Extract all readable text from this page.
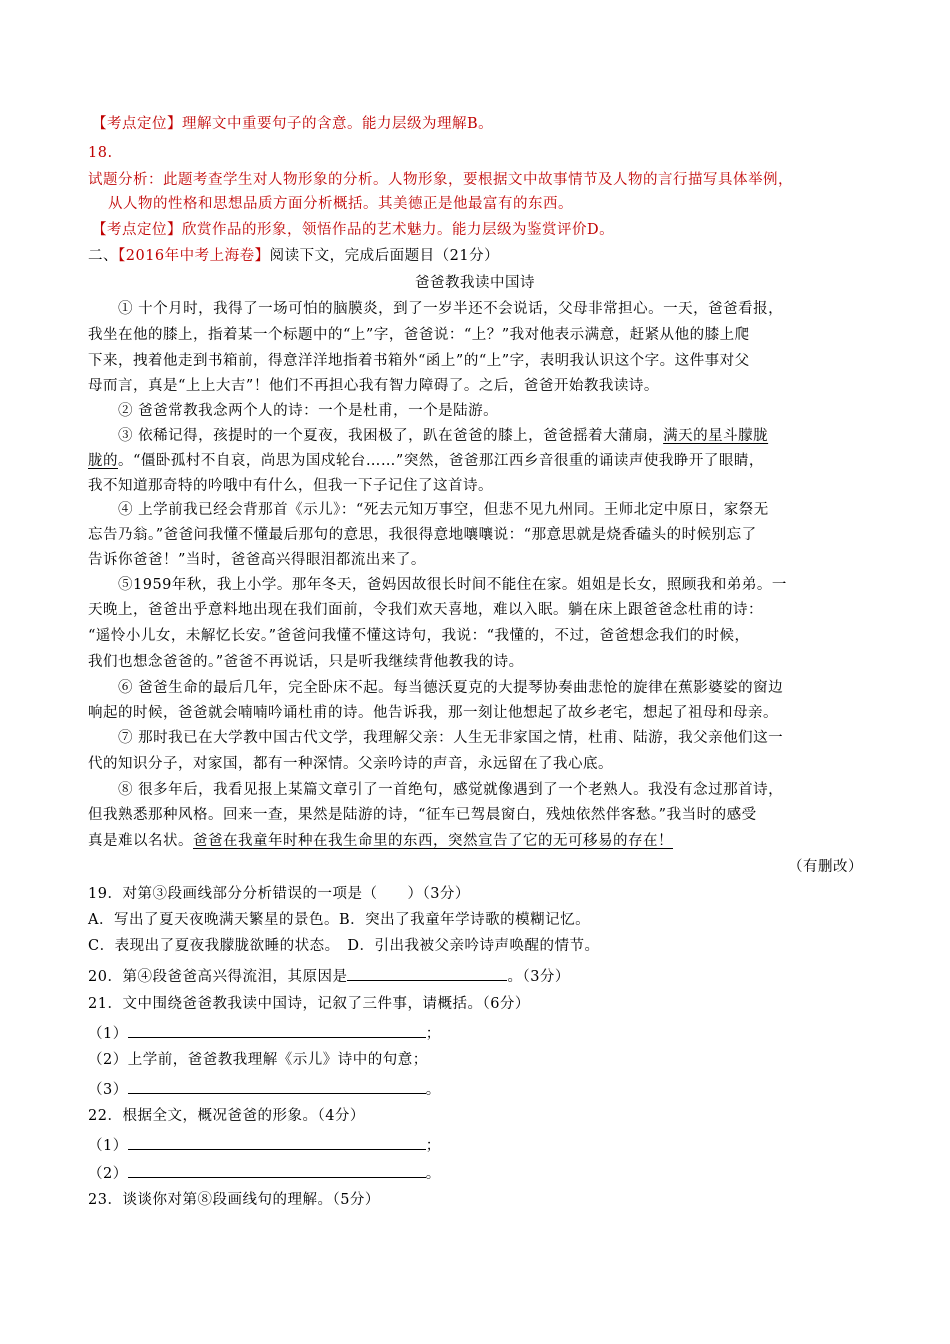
【考点定位】理解文中重要句子的含意。能力层级为理解B。
18.
试题分析：此题考查学生对人物形象的分析。人物形象，要根据文中故事情节及人物的言行描写具体举例，
从人物的性格和思想品质方面分析概括。其美德正是他最富有的东西。
【考点定位】欣赏作品的形象，领悟作品的艺术魅力。能力层级为鉴赏评价D。
二、【2016年中考上海卷】阅读下文，完成后面题目（21分）
爸爸教我读中国诗
① 十个月时，我得了一场可怕的脑膜炎，到了一岁半还不会说话，父母非常担心。一天，爸爸看报，
我坐在他的膝上，指着某一个标题中的“上”字，爸爸说：“上？”我对他表示满意，赶紧从他的膝上爬
下来，拽着他走到书箱前，得意洋洋地指着书箱外“函上”的“上”字，表明我认识这个字。这件事对父
母而言，真是“上上大吉”！他们不再担心我有智力障碍了。之后，爸爸开始教我读诗。
② 爸爸常教我念两个人的诗：一个是杜甫，一个是陆游。
③ 依稀记得，孩提时的一个夏夜，我困极了，趴在爸爸的膝上，爸爸摇着大蒲扇，满天的星斗朦胧
胧的。“僵卧孤村不自哀，尚思为国戍轮台……”突然，爸爸那江西乡音很重的诵读声使我睁开了眼睛，
我不知道那奇特的吟哦中有什么，但我一下子记住了这首诗。
④ 上学前我已经会背那首《示儿》：“死去元知万事空，但悲不见九州同。王师北定中原日，家祭无
忘告乃翁。”爸爸问我懂不懂最后那句的意思，我很得意地嚷嚷说：“那意思就是烧香磕头的时候别忘了
告诉你爸爸！”当时，爸爸高兴得眼泪都流出来了。
⑤1959年秋，我上小学。那年冬天，爸妈因故很长时间不能住在家。姐姐是长女，照顾我和弟弟。一
天晚上，爸爸出乎意料地出现在我们面前，令我们欢天喜地，难以入眠。躺在床上跟爸爸念杜甫的诗：
“遥怜小儿女，未解忆长安。”爸爸问我懂不懂这诗句，我说：“我懂的，不过，爸爸想念我们的时候，
我们也想念爸爸的。”爸爸不再说话，只是听我继续背他教我的诗。
⑥ 爸爸生命的最后几年，完全卧床不起。每当德沃夏克的大提琴协奏曲悲怆的旋律在蕉影婆娑的窗边
响起的时候，爸爸就会喃喃吟诵杜甫的诗。他告诉我，那一刻让他想起了故乡老宅，想起了祖母和母亲。
⑦ 那时我已在大学教中国古代文学，我理解父亲：人生无非家国之情，杜甫、陆游，我父亲他们这一
代的知识分子，对家国，都有一种深情。父亲吟诗的声音，永远留在了我心底。
⑧ 很多年后，我看见报上某篇文章引了一首绝句，感觉就像遇到了一个老熟人。我没有念过那首诗，
但我熟悉那种风格。回来一查，果然是陆游的诗，“征车已驾晨窗白，残烛依然伴客愁。”我当时的感受
真是难以名状。爸爸在我童年时种在我生命里的东西，突然宣告了它的无可移易的存在！
（有删改）
19．对第③段画线部分分析错误的一项是（　　）（3分）
A．写出了夏天夜晚满天繁星的景色。B．突出了我童年学诗歌的模糊记忆。
C．表现出了夏夜我朦胧欲睡的状态。　D．引出我被父亲吟诗声唤醒的情节。
20．第④段爸爸高兴得流泪，其原因是	。（3分）
21．文中围绕爸爸教我读中国诗，记叙了三件事，请概括。（6分）
（1）	；
（2）上学前，爸爸教我理解《示儿》诗中的句意；
（3）	。
22．根据全文，概况爸爸的形象。（4分）
（1）	；
（2）	。
23．谈谈你对第⑧段画线句的理解。（5分）
